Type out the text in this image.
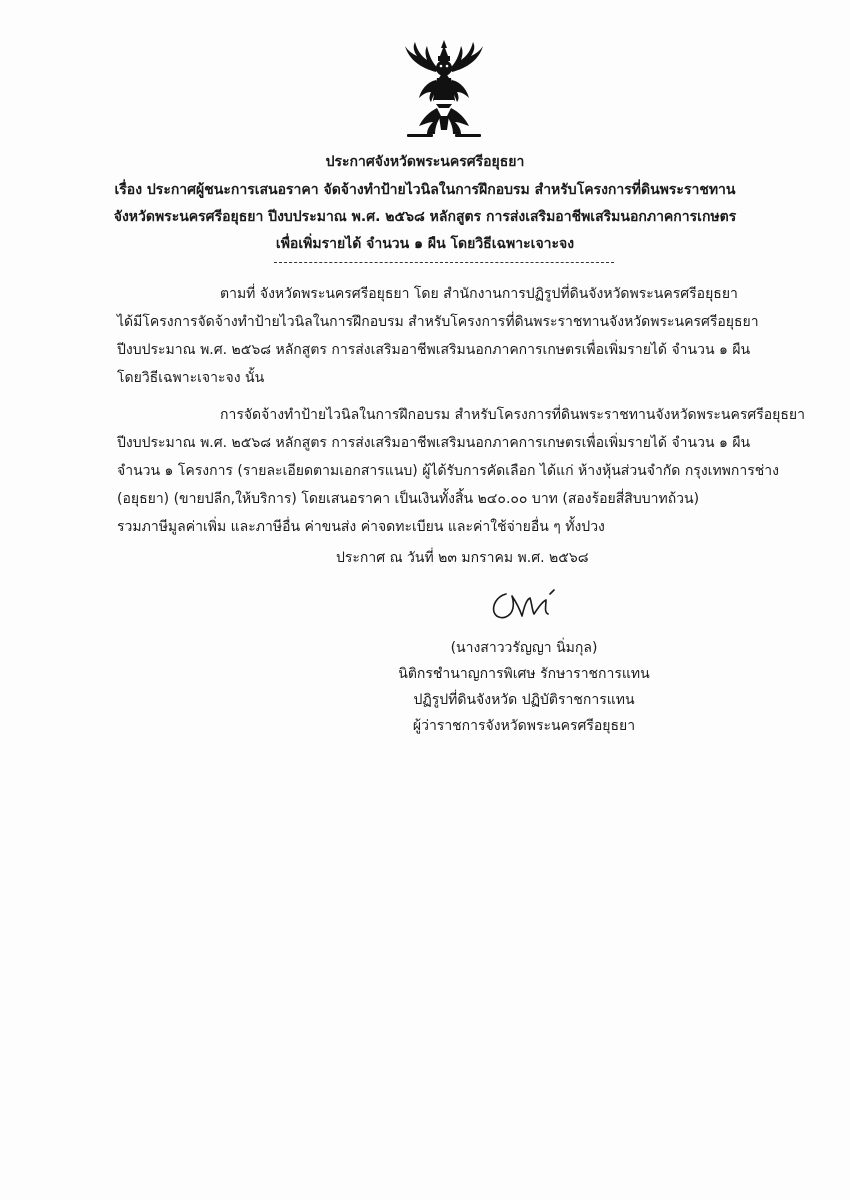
ประกาศจังหวัดพระนครศรีอยุธยา
เรื่อง ประกาศผู้ชนะการเสนอราคา จัดจ้างทำป้ายไวนิลในการฝึกอบรม สำหรับโครงการที่ดินพระราชทาน
จังหวัดพระนครศรีอยุธยา ปีงบประมาณ พ.ศ. ๒๕๖๘ หลักสูตร การส่งเสริมอาชีพเสริมนอกภาคการเกษตร
เพื่อเพิ่มรายได้ จำนวน ๑ ผืน โดยวิธีเฉพาะเจาะจง
ตามที่ จังหวัดพระนครศรีอยุธยา โดย สำนักงานการปฏิรูปที่ดินจังหวัดพระนครศรีอยุธยา
ได้มีโครงการจัดจ้างทำป้ายไวนิลในการฝึกอบรม สำหรับโครงการที่ดินพระราชทานจังหวัดพระนครศรีอยุธยา
ปีงบประมาณ พ.ศ. ๒๕๖๘ หลักสูตร การส่งเสริมอาชีพเสริมนอกภาคการเกษตรเพื่อเพิ่มรายได้ จำนวน ๑ ผืน
โดยวิธีเฉพาะเจาะจง นั้น
การจัดจ้างทำป้ายไวนิลในการฝึกอบรม สำหรับโครงการที่ดินพระราชทานจังหวัดพระนครศรีอยุธยา
ปีงบประมาณ พ.ศ. ๒๕๖๘ หลักสูตร การส่งเสริมอาชีพเสริมนอกภาคการเกษตรเพื่อเพิ่มรายได้ จำนวน ๑ ผืน
จำนวน ๑ โครงการ (รายละเอียดตามเอกสารแนบ) ผู้ได้รับการคัดเลือก ได้แก่ ห้างหุ้นส่วนจำกัด กรุงเทพการช่าง
(อยุธยา) (ขายปลีก,ให้บริการ) โดยเสนอราคา เป็นเงินทั้งสิ้น ๒๔๐.๐๐ บาท (สองร้อยสี่สิบบาทถ้วน)
รวมภาษีมูลค่าเพิ่ม และภาษีอื่น ค่าขนส่ง ค่าจดทะเบียน และค่าใช้จ่ายอื่น ๆ ทั้งปวง
ประกาศ ณ วันที่ ๒๓ มกราคม พ.ศ. ๒๕๖๘
(นางสาววรัญญา นิ่มกุล)
นิติกรชำนาญการพิเศษ รักษาราชการแทน
ปฏิรูปที่ดินจังหวัด ปฏิบัติราชการแทน
ผู้ว่าราชการจังหวัดพระนครศรีอยุธยา
